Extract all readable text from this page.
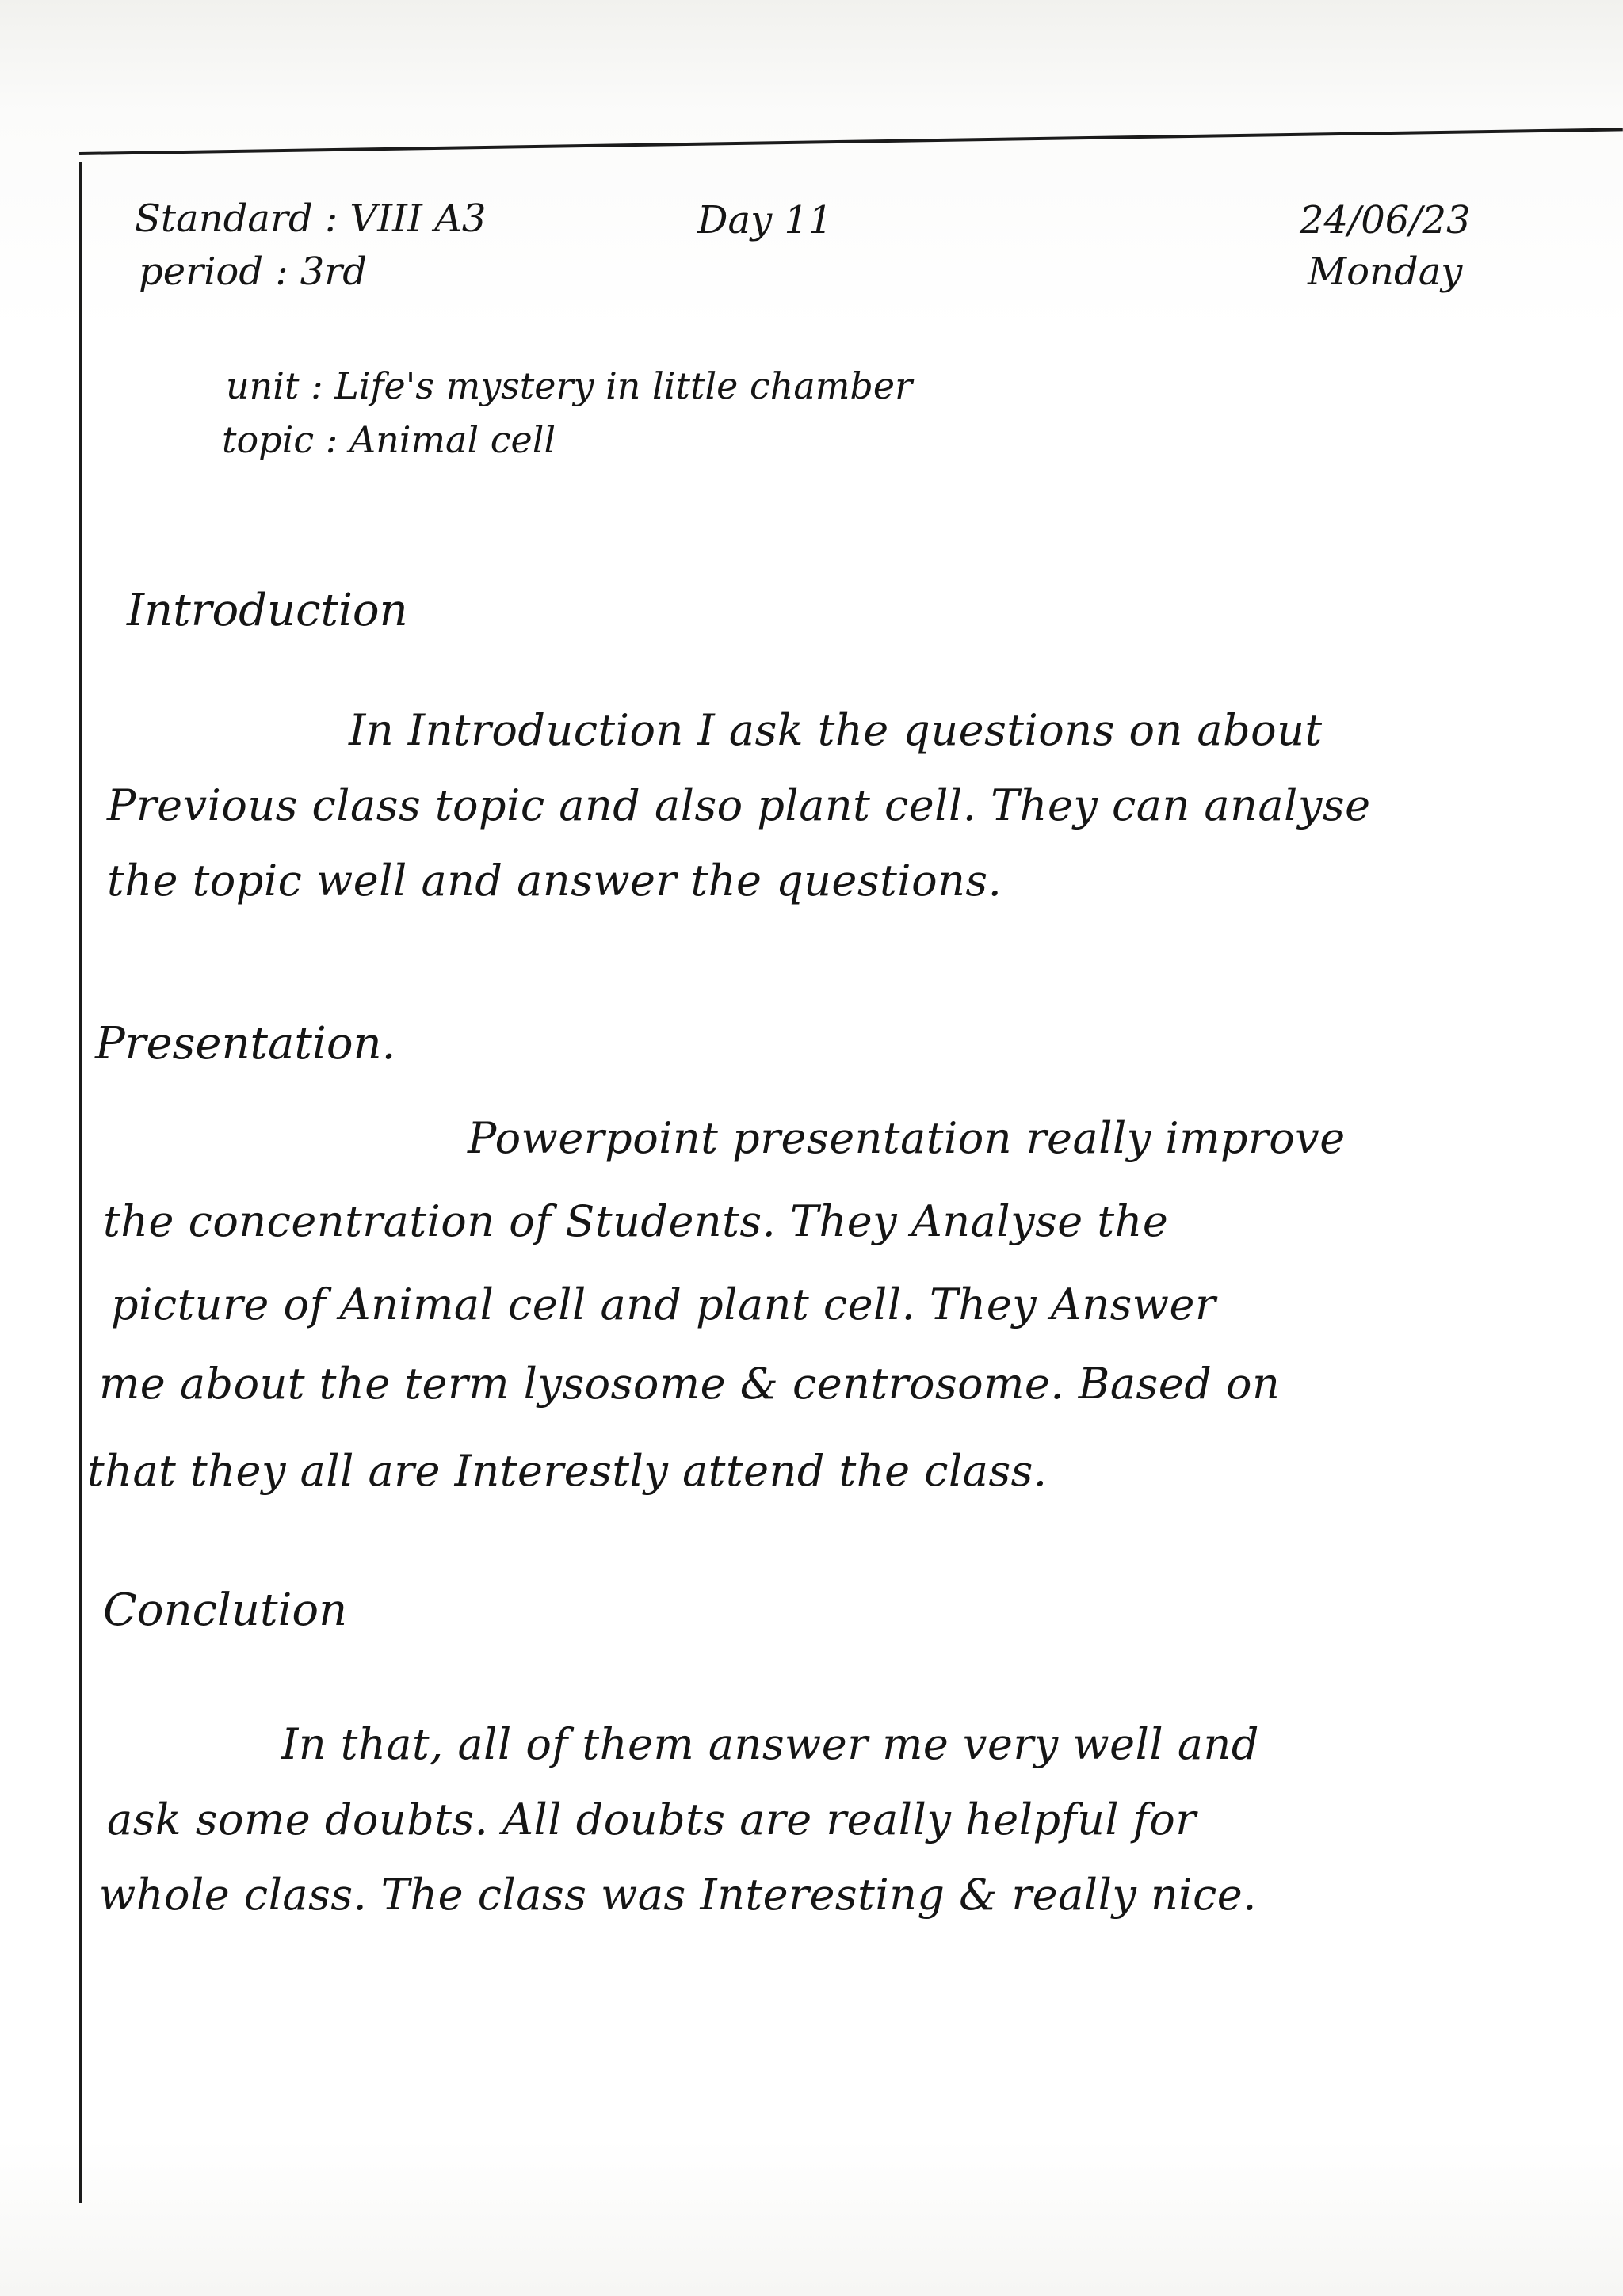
Standard : VIII A3
period : 3rd
Day 11	24/06/23
Monday
unit : Life's mystery in little chamber
topic : Animal cell
Introduction
In Introduction I ask the questions on about
Previous class topic and also plant cell. They can analyse
the topic well and answer the questions.
Presentation.
Powerpoint presentation really improve
the concentration of Students. They Analyse the
picture of Animal cell and plant cell. They Answer
me about the term lysosome & centrosome. Based on
that they all are Interestly attend the class.
Conclution
In that, all of them answer me very well and
ask some doubts. All doubts are really helpful for
whole class. The class was Interesting & really nice.
